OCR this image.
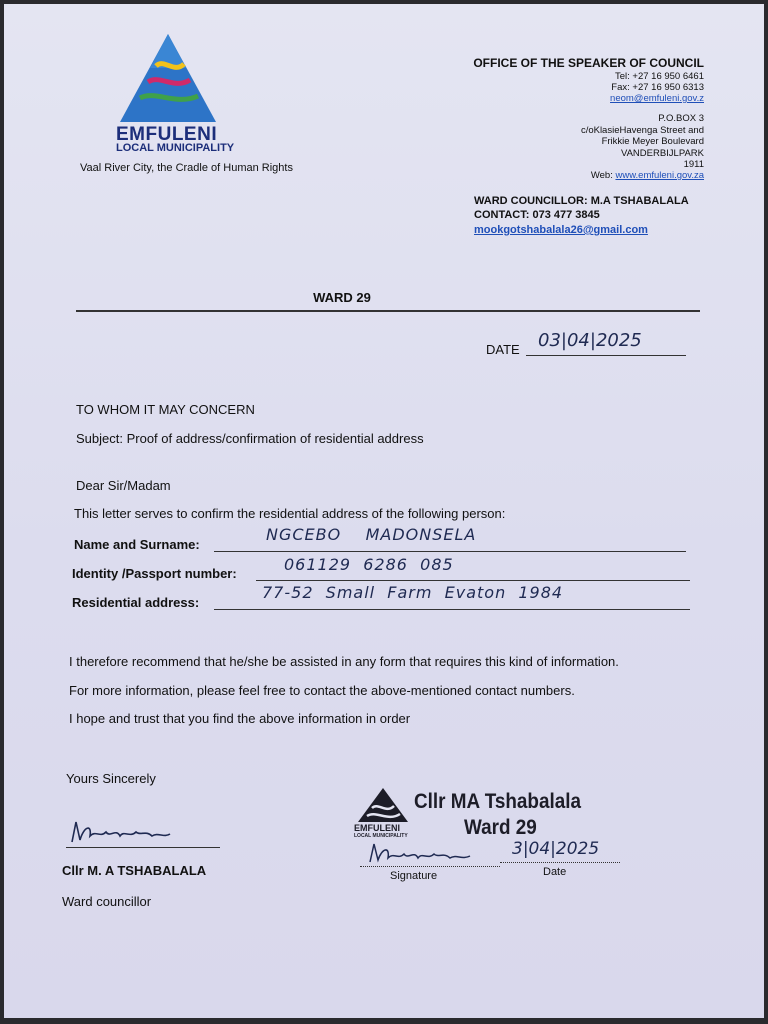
EMFULENI
LOCAL MUNICIPALITY
Vaal River City, the Cradle of Human Rights
OFFICE OF THE SPEAKER OF COUNCIL
Tel: +27 16 950 6461
Fax: +27 16 950 6313
neom@emfuleni.gov.z
P.O.BOX 3
c/oKlasieHavenga Street and
Frikkie Meyer Boulevard
VANDERBIJLPARK
1911
Web: www.emfuleni.gov.za
WARD COUNCILLOR: M.A TSHABALALA
CONTACT: 073 477 3845
mookgotshabalala26@gmail.com
WARD 29
DATE 03|04|2025
TO WHOM IT MAY CONCERN
Subject: Proof of address/confirmation of residential address
Dear Sir/Madam
This letter serves to confirm the residential address of the following person:
Name and Surname:
NGCEBO    MADONSELA
Identity /Passport number:	061129  6286  085
Residential address:
77-52  Small  Farm  Evaton  1984
I therefore recommend that he/she be assisted in any form that requires this kind of information.
For more information, please feel free to contact the above-mentioned contact numbers.
I hope and trust that you find the above information in order
Yours Sincerely
Cllr M. A TSHABALALA
Ward councillor
EMFULENI
LOCAL MUNICIPALITY
Cllr MA Tshabalala
Ward 29
3|04|2025
Signature	Date
